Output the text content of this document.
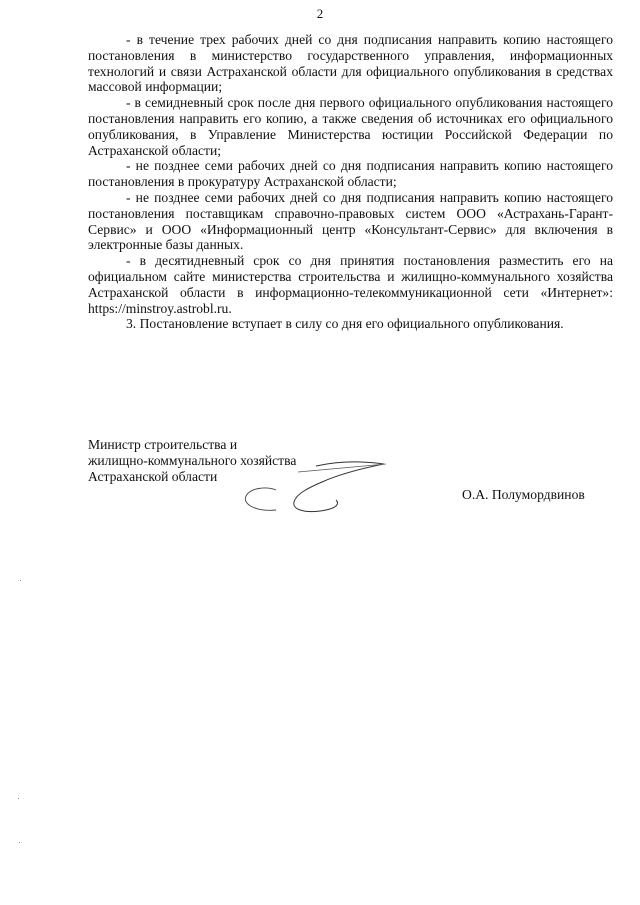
2

- в течение трех рабочих дней со дня подписания направить копию настоящего постановления в министерство государственного управления, информационных технологий и связи Астраханской области для официального опубликования в средствах массовой информации;

- в семидневный срок после дня первого официального опубликования настоящего постановления направить его копию, а также сведения об источниках его официального опубликования, в Управление Министерства юстиции Российской Федерации по Астраханской области;

- не позднее семи рабочих дней со дня подписания направить копию настоящего постановления в прокуратуру Астраханской области;

- не позднее семи рабочих дней со дня подписания направить копию настоящего постановления поставщикам справочно-правовых систем ООО «Астрахань-Гарант-Сервис» и ООО «Информационный центр «Консультант-Сервис» для включения в электронные базы данных.

- в десятидневный срок со дня принятия постановления разместить его на официальном сайте министерства строительства и жилищно-коммунального хозяйства Астраханской области в информационно-телекоммуникационной сети «Интернет»: https://minstroy.astrobl.ru.

3. Постановление вступает в силу со дня его официального опубликования.

Министр строительства и
жилищно-коммунального хозяйства
Астраханской области
О.А. Полумордвинов
